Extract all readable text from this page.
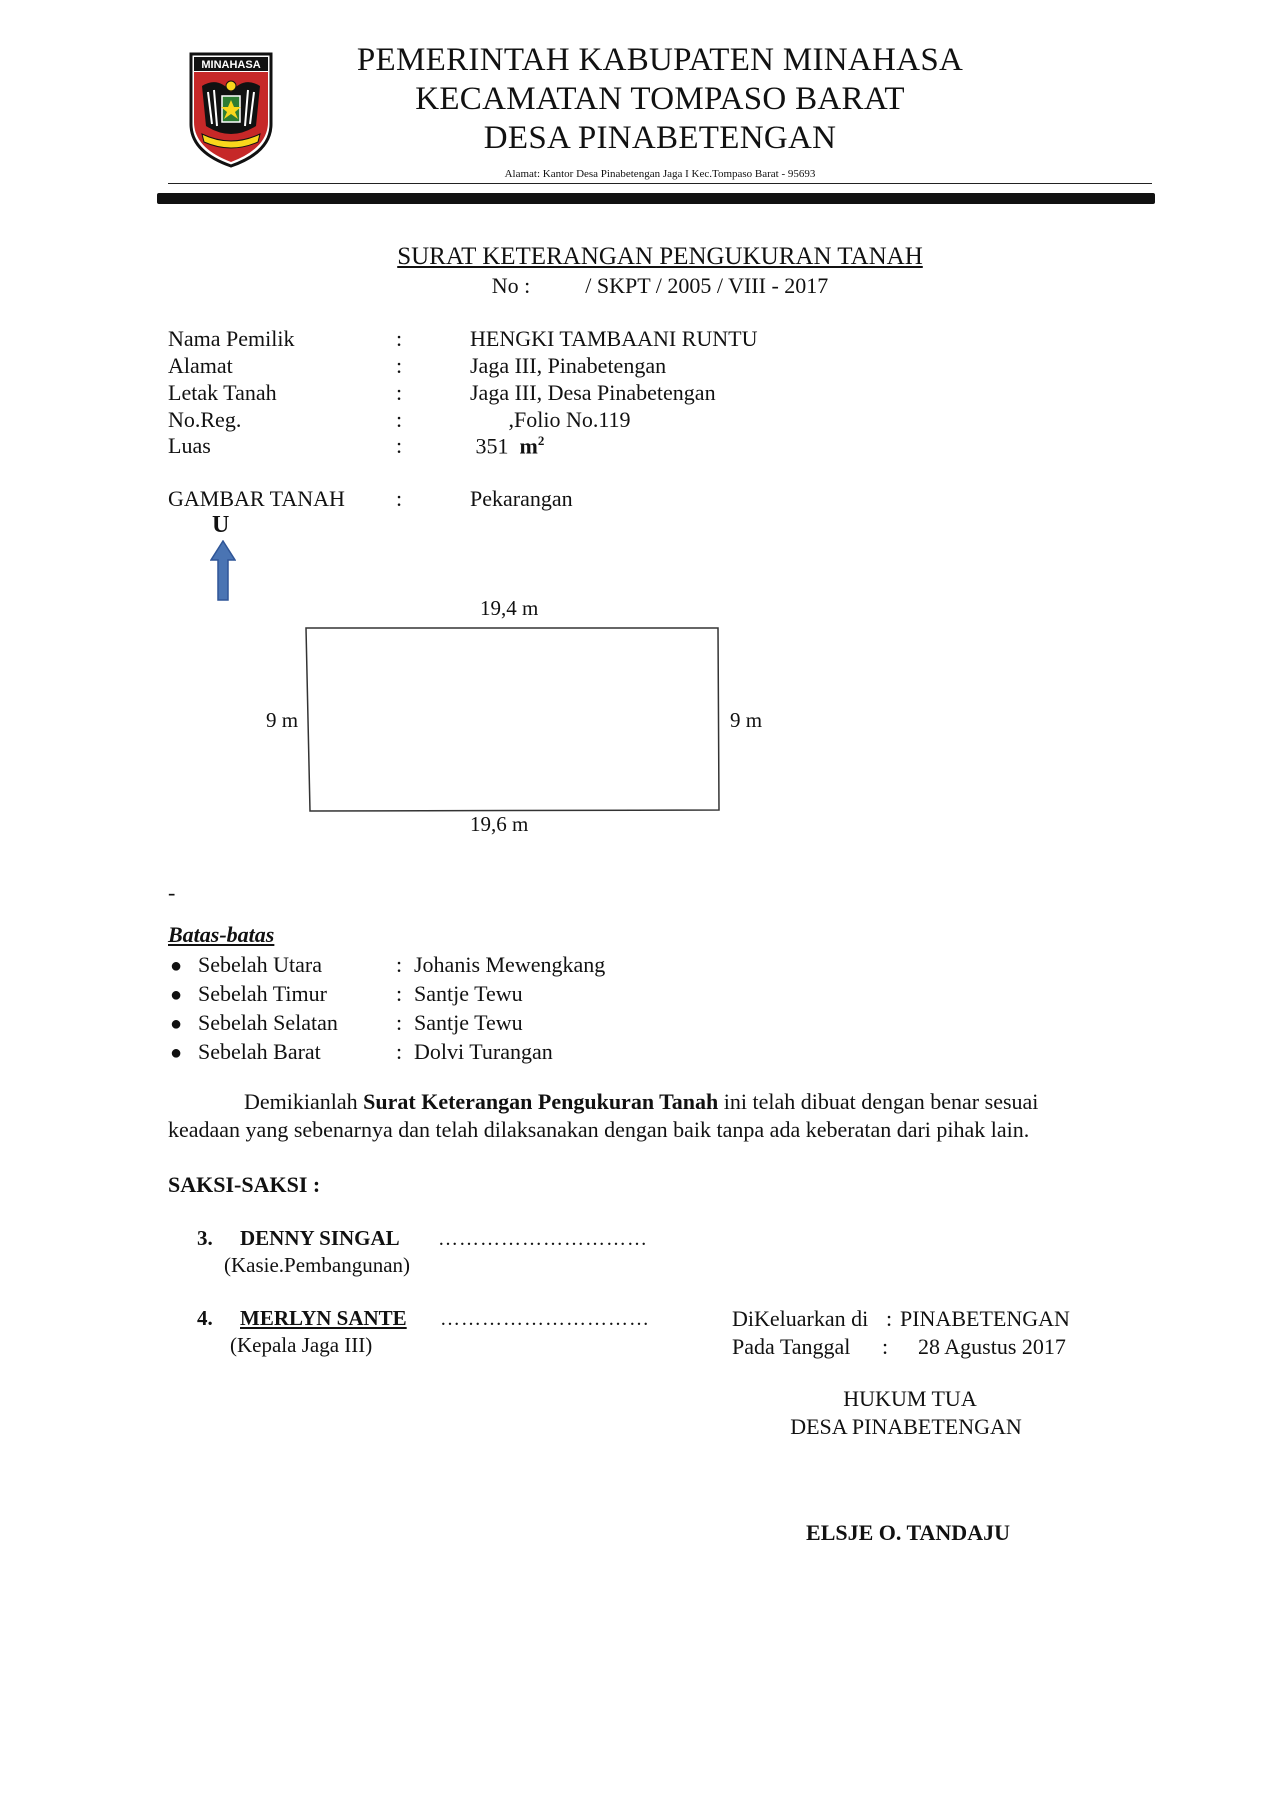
MINAHASA	PEMERINTAH KABUPATEN MINAHASA
KECAMATAN TOMPASO BARAT
DESA PINABETENGAN
Alamat: Kantor Desa Pinabetengan Jaga I Kec.Tompaso Barat - 95693
SURAT KETERANGAN PENGUKURAN TANAH
No :          / SKPT / 2005 / VIII - 2017
Nama Pemilik	:	HENGKI TAMBAANI RUNTU
Alamat	:	Jaga III, Pinabetengan
Letak Tanah	:	Jaga III, Desa Pinabetengan
No.Reg.	:	,Folio No.119
Luas	:	351  $m^2$
GAMBAR TANAH :	Pekarangan
U
19,4 m
9 m	9 m
19,6 m
-
Batas-batas
● Sebelah Utara	: Johanis Mewengkang
● Sebelah Timur	: Santje Tewu
● Sebelah Selatan	: Santje Tewu
● Sebelah Barat	: Dolvi Turangan
Demikianlah Surat Keterangan Pengukuran Tanah ini telah dibuat dengan benar sesuai keadaan yang sebenarnya dan telah dilaksanakan dengan baik tanpa ada keberatan dari pihak lain.
SAKSI-SAKSI :
3. DENNY SINGAL …………………………
(Kasie.Pembangunan)
4. MERLYN SANTE …………………………
(Kepala Jaga III)
DiKeluarkan di : PINABETENGAN
Pada Tanggal : 28 Agustus 2017
HUKUM TUA
DESA PINABETENGAN
ELSJE O. TANDAJU
